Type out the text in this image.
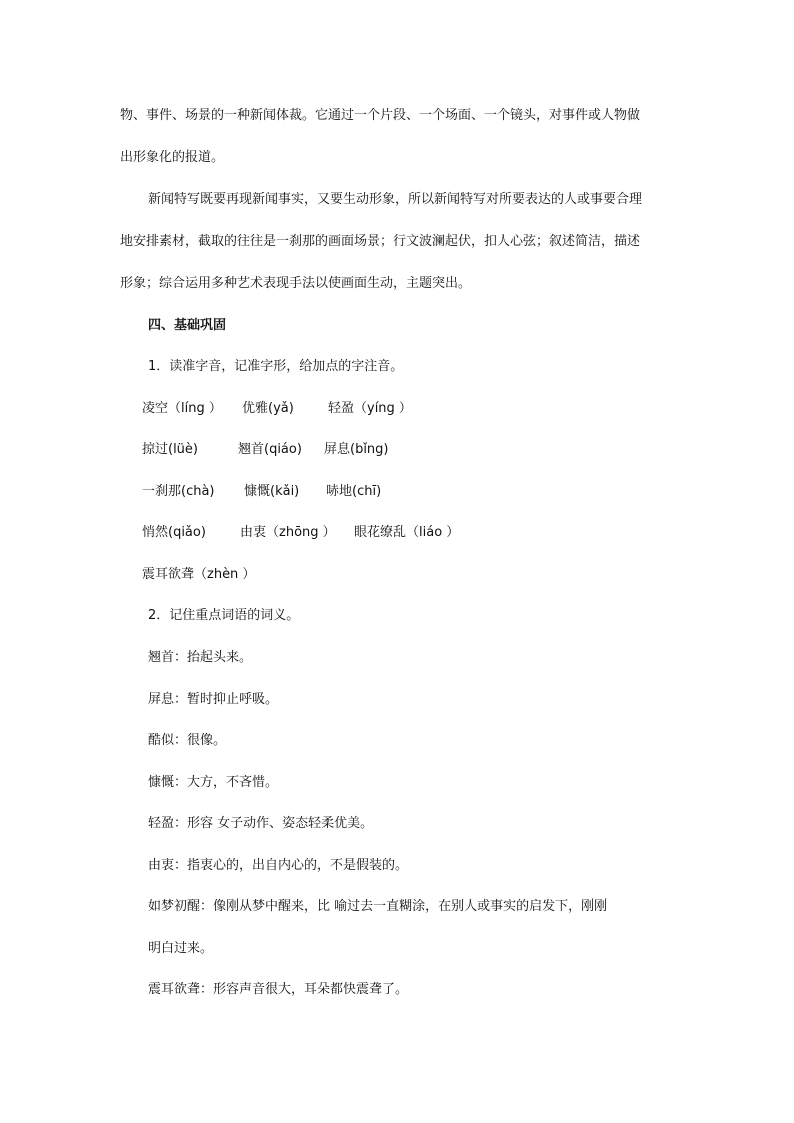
物、事件、场景的一种新闻体裁。它通过一个片段、一个场面、一个镜头，对事件或人物做
出形象化的报道。
新闻特写既要再现新闻事实，又要生动形象，所以新闻特写对所要表达的人或事要合理
地安排素材，截取的往往是一刹那的画面场景；行文波澜起伏，扣人心弦；叙述简洁，描述
形象；综合运用多种艺术表现手法以使画面生动，主题突出。
四、基础巩固
1．读准字音，记准字形，给加点的字注音。
凌空（líng ） 优雅(yǎ)	轻盈（yíng ）
掠过(lüè)	翘首(qiáo) 屏息(bǐng)
一刹那(chà) 慷慨(kǎi) 哧地(chī)
悄然(qiǎo)	由衷（zhōng ） 眼花缭乱（liáo ）
震耳欲聋（zhèn ）
2．记住重点词语的词义。
翘首：抬起头来。
屏息：暂时抑止呼吸。
酷似：很像。
慷慨：大方，不吝惜。
轻盈：形容 女子动作、姿态轻柔优美。
由衷：指衷心的，出自内心的，不是假装的。
如梦初醒：像刚从梦中醒来，比 喻过去一直糊涂，在别人或事实的启发下，刚刚
明白过来。
震耳欲聋：形容声音很大，耳朵都快震聋了。
